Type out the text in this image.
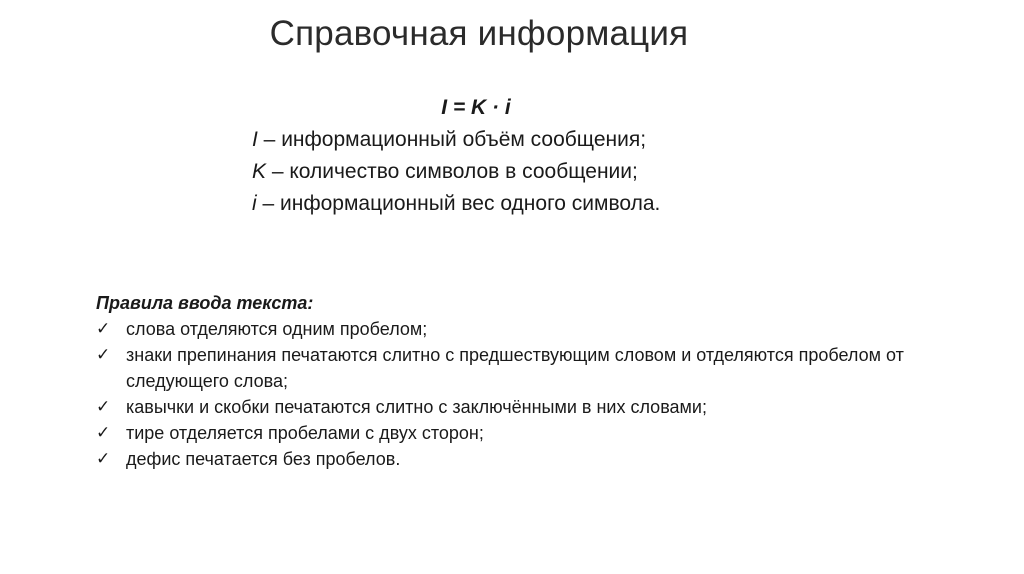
Справочная информация
I = K · i
I – информационный объём сообщения;
K – количество символов в сообщении;
i – информационный вес одного символа.
Правила ввода текста:
✓ слова отделяются одним пробелом;
✓ знаки препинания печатаются слитно с предшествующим словом и отделяются пробелом от следующего слова;
✓ кавычки и скобки печатаются слитно с заключёнными в них словами;
✓ тире отделяется пробелами с двух сторон;
✓ дефис печатается без пробелов.
